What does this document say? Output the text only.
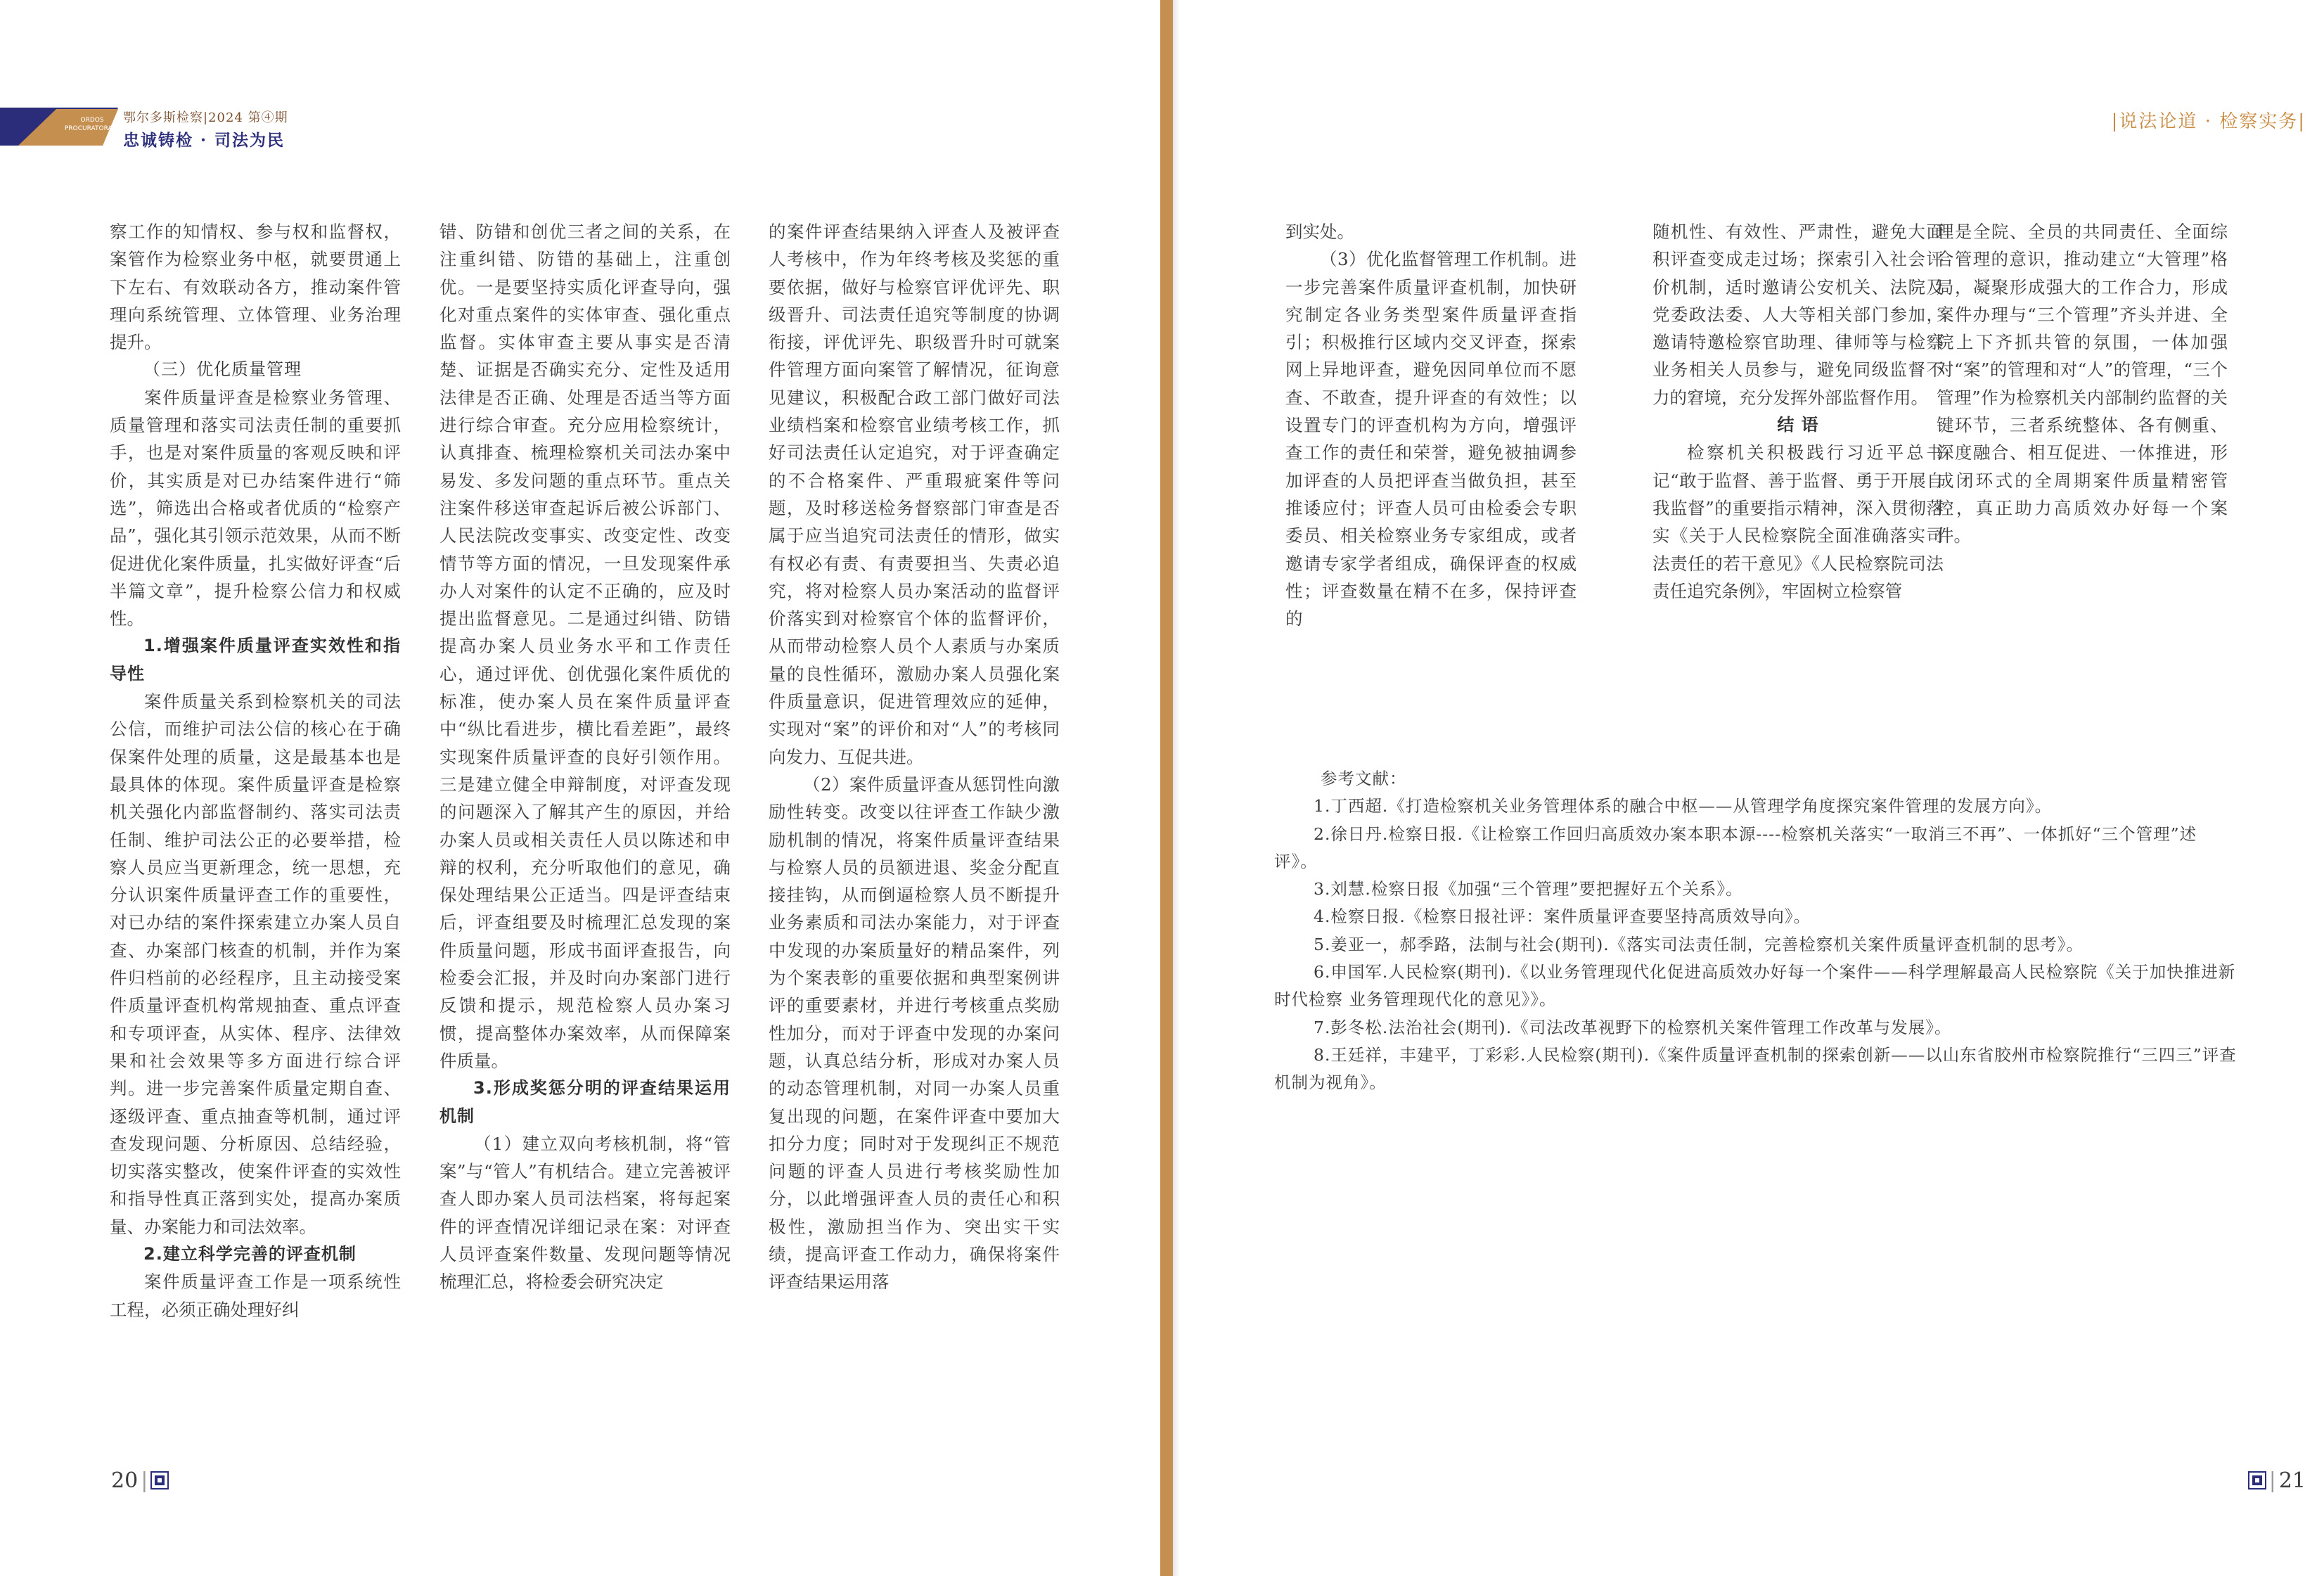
ORDOS
PROCURATORATE
鄂尔多斯检察|2024 第④期
忠诚铸检 · 司法为民

察工作的知情权、参与权和监督权，案管作为检察业务中枢，就要贯通上下左右、有效联动各方，推动案件管理向系统管理、立体管理、业务治理提升。

（三）优化质量管理

案件质量评查是检察业务管理、质量管理和落实司法责任制的重要抓手，也是对案件质量的客观反映和评价，其实质是对已办结案件进行“筛选”，筛选出合格或者优质的“检察产品”，强化其引领示范效果，从而不断促进优化案件质量，扎实做好评查“后半篇文章”，提升检察公信力和权威性。

1.增强案件质量评查实效性和指导性

案件质量关系到检察机关的司法公信，而维护司法公信的核心在于确保案件处理的质量，这是最基本也是最具体的体现。案件质量评查是检察机关强化内部监督制约、落实司法责任制、维护司法公正的必要举措，检察人员应当更新理念，统一思想，充分认识案件质量评查工作的重要性，对已办结的案件探索建立办案人员自查、办案部门核查的机制，并作为案件归档前的必经程序，且主动接受案件质量评查机构常规抽查、重点评查和专项评查，从实体、程序、法律效果和社会效果等多方面进行综合评判。进一步完善案件质量定期自查、逐级评查、重点抽查等机制，通过评查发现问题、分析原因、总结经验，切实落实整改，使案件评查的实效性和指导性真正落到实处，提高办案质量、办案能力和司法效率。

2.建立科学完善的评查机制

案件质量评查工作是一项系统性工程，必须正确处理好纠

错、防错和创优三者之间的关系，在注重纠错、防错的基础上，注重创优。一是要坚持实质化评查导向，强化对重点案件的实体审查、强化重点监督。实体审查主要从事实是否清楚、证据是否确实充分、定性及适用法律是否正确、处理是否适当等方面进行综合审查。充分应用检察统计，认真排查、梳理检察机关司法办案中易发、多发问题的重点环节。重点关注案件移送审查起诉后被公诉部门、人民法院改变事实、改变定性、改变情节等方面的情况，一旦发现案件承办人对案件的认定不正确的，应及时提出监督意见。二是通过纠错、防错提高办案人员业务水平和工作责任心，通过评优、创优强化案件质优的标准，使办案人员在案件质量评查中“纵比看进步，横比看差距”，最终实现案件质量评查的良好引领作用。三是建立健全申辩制度，对评查发现的问题深入了解其产生的原因，并给办案人员或相关责任人员以陈述和申辩的权利，充分听取他们的意见，确保处理结果公正适当。四是评查结束后，评查组要及时梳理汇总发现的案件质量问题，形成书面评查报告，向检委会汇报，并及时向办案部门进行反馈和提示，规范检察人员办案习惯，提高整体办案效率，从而保障案件质量。

3.形成奖惩分明的评查结果运用机制

（1）建立双向考核机制，将“管案”与“管人”有机结合。建立完善被评查人即办案人员司法档案，将每起案件的评查情况详细记录在案：对评查人员评查案件数量、发现问题等情况梳理汇总，将检委会研究决定

的案件评查结果纳入评查人及被评查人考核中，作为年终考核及奖惩的重要依据，做好与检察官评优评先、职级晋升、司法责任追究等制度的协调衔接，评优评先、职级晋升时可就案件管理方面向案管了解情况，征询意见建议，积极配合政工部门做好司法业绩档案和检察官业绩考核工作，抓好司法责任认定追究，对于评查确定的不合格案件、严重瑕疵案件等问题，及时移送检务督察部门审查是否属于应当追究司法责任的情形，做实有权必有责、有责要担当、失责必追究，将对检察人员办案活动的监督评价落实到对检察官个体的监督评价，从而带动检察人员个人素质与办案质量的良性循环，激励办案人员强化案件质量意识，促进管理效应的延伸，实现对“案”的评价和对“人”的考核同向发力、互促共进。

（2）案件质量评查从惩罚性向激励性转变。改变以往评查工作缺少激励机制的情况，将案件质量评查结果与检察人员的员额进退、奖金分配直接挂钩，从而倒逼检察人员不断提升业务素质和司法办案能力，对于评查中发现的办案质量好的精品案件，列为个案表彰的重要依据和典型案例讲评的重要素材，并进行考核重点奖励性加分，而对于评查中发现的办案问题，认真总结分析，形成对办案人员的动态管理机制，对同一办案人员重复出现的问题，在案件评查中要加大扣分力度；同时对于发现纠正不规范问题的评查人员进行考核奖励性加分，以此增强评查人员的责任心和积极性，激励担当作为、突出实干实绩，提高评查工作动力，确保将案件评查结果运用落

20 |
|说法论道 · 检察实务|

到实处。

（3）优化监督管理工作机制。进一步完善案件质量评查机制，加快研究制定各业务类型案件质量评查指引；积极推行区域内交叉评查，探索网上异地评查，避免因同单位而不愿查、不敢查，提升评查的有效性；以设置专门的评查机构为方向，增强评查工作的责任和荣誉，避免被抽调参加评查的人员把评查当做负担，甚至推诿应付；评查人员可由检委会专职委员、相关检察业务专家组成，或者邀请专家学者组成，确保评查的权威性；评查数量在精不在多，保持评查的

随机性、有效性、严肃性，避免大面积评查变成走过场；探索引入社会评价机制，适时邀请公安机关、法院及党委政法委、人大等相关部门参加，邀请特邀检察官助理、律师等与检察业务相关人员参与，避免同级监督不力的窘境，充分发挥外部监督作用。

结 语

检察机关积极践行习近平总书记“敢于监督、善于监督、勇于开展自我监督”的重要指示精神，深入贯彻落实《关于人民检察院全面准确落实司法责任的若干意见》《人民检察院司法责任追究条例》，牢固树立检察管

理是全院、全员的共同责任、全面综合管理的意识，推动建立“大管理”格局，凝聚形成强大的工作合力，形成案件办理与“三个管理”齐头并进、全院上下齐抓共管的氛围，一体加强对“案”的管理和对“人”的管理，“三个管理”作为检察机关内部制约监督的关键环节，三者系统整体、各有侧重、深度融合、相互促进、一体推进，形成闭环式的全周期案件质量精密管控，真正助力高质效办好每一个案件。

| 21
参考文献：

1.丁西超.《打造检察机关业务管理体系的融合中枢——从管理学角度探究案件管理的发展方向》。

2.徐日丹.检察日报.《让检察工作回归高质效办案本职本源----检察机关落实“一取消三不再”、一体抓好“三个管理”述评》。

3.刘慧.检察日报《加强“三个管理”要把握好五个关系》。

4.检察日报.《检察日报社评：案件质量评查要坚持高质效导向》。

5.姜亚一，郝季路，法制与社会(期刊).《落实司法责任制，完善检察机关案件质量评查机制的思考》。

6.申国军.人民检察(期刊).《以业务管理现代化促进高质效办好每一个案件——科学理解最高人民检察院《关于加快推进新时代检察 业务管理现代化的意见》》。

7.彭冬松.法治社会(期刊).《司法改革视野下的检察机关案件管理工作改革与发展》。

8.王廷祥，丰建平，丁彩彩.人民检察(期刊).《案件质量评查机制的探索创新——以山东省胶州市检察院推行“三四三”评查机制为视角》。
